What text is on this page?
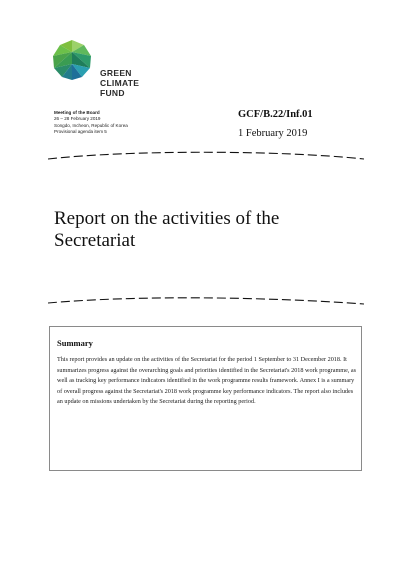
GREEN
CLIMATE
FUND
Meeting of the Board
26 – 28 February 2019
Songdo, Incheon, Republic of Korea
Provisional agenda item 5
GCF/B.22/Inf.01
1 February 2019
Report on the activities of the Secretariat
Summary
This report provides an update on the activities of the Secretariat for the period 1 September to 31 December 2018. It summarizes progress against the overarching goals and priorities identified in the Secretariat's 2018 work programme, as well as tracking key performance indicators identified in the work programme results framework. Annex I is a summary of overall progress against the Secretariat's 2018 work programme key performance indicators. The report also includes an update on missions undertaken by the Secretariat during the reporting period.
